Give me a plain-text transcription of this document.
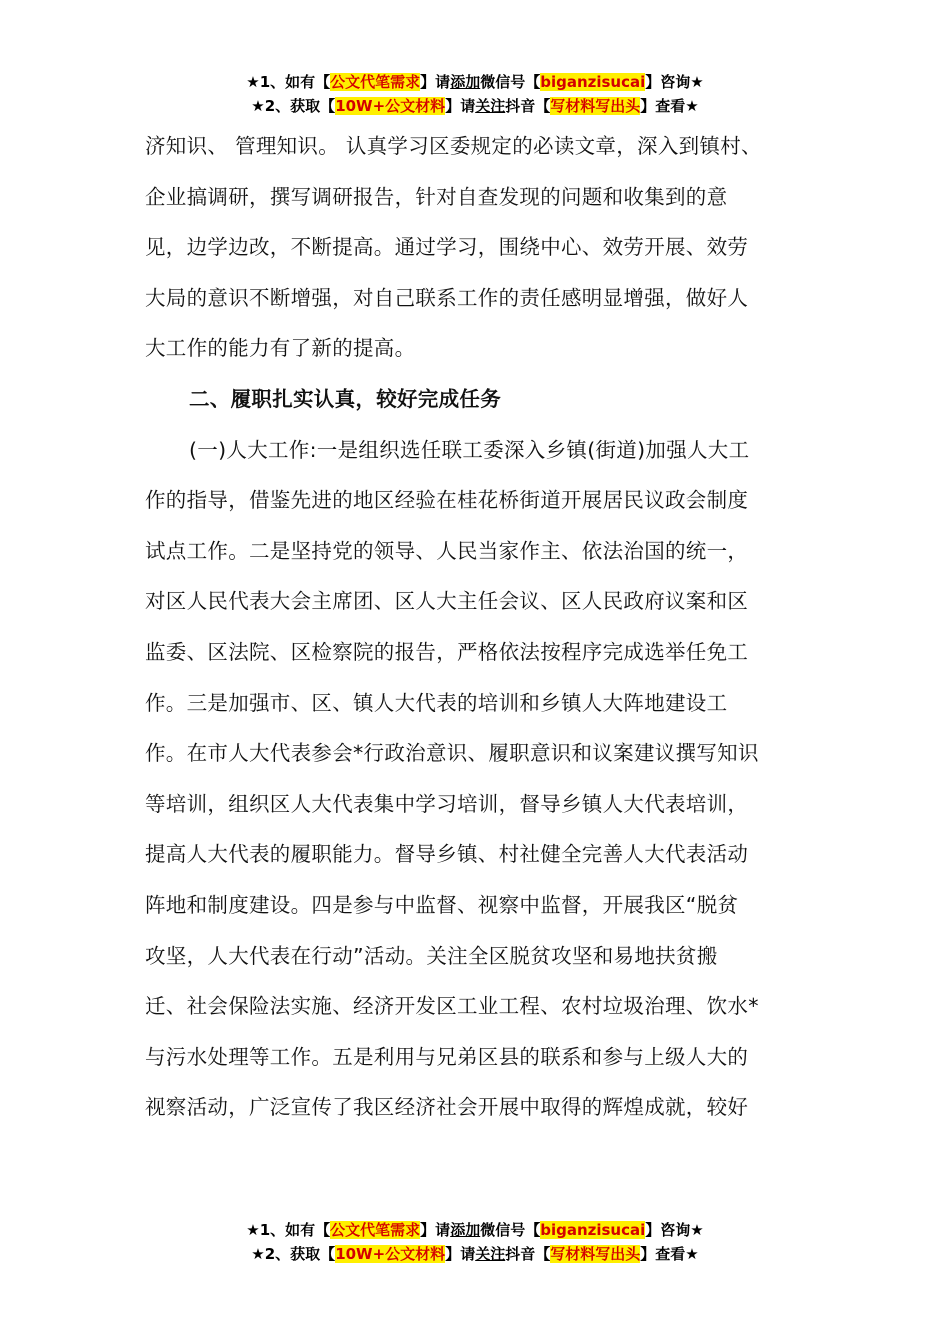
★1、如有【公文代笔需求】请添加微信号【biganzisucai】咨询★
★2、获取【10W+公文材料】请关注抖音【写材料写出头】查看★
济知识、 管理知识。 认真学习区委规定的必读文章，深入到镇村、
企业搞调研，撰写调研报告，针对自查发现的问题和收集到的意
见，边学边改，不断提高。通过学习，围绕中心、效劳开展、效劳
大局的意识不断增强，对自己联系工作的责任感明显增强，做好人
大工作的能力有了新的提高。
二、履职扎实认真，较好完成任务
(一)人大工作:一是组织选任联工委深入乡镇(街道)加强人大工
作的指导，借鉴先进的地区经验在桂花桥街道开展居民议政会制度
试点工作。二是坚持党的领导、人民当家作主、依法治国的统一，
对区人民代表大会主席团、区人大主任会议、区人民政府议案和区
监委、区法院、区检察院的报告，严格依法按程序完成选举任免工
作。三是加强市、区、镇人大代表的培训和乡镇人大阵地建设工
作。在市人大代表参会*行政治意识、履职意识和议案建议撰写知识
等培训，组织区人大代表集中学习培训，督导乡镇人大代表培训，
提高人大代表的履职能力。督导乡镇、村社健全完善人大代表活动
阵地和制度建设。四是参与中监督、视察中监督，开展我区“脱贫
攻坚，人大代表在行动”活动。关注全区脱贫攻坚和易地扶贫搬
迁、社会保险法实施、经济开发区工业工程、农村垃圾治理、饮水*
与污水处理等工作。五是利用与兄弟区县的联系和参与上级人大的
视察活动，广泛宣传了我区经济社会开展中取得的辉煌成就，较好
★1、如有【公文代笔需求】请添加微信号【biganzisucai】咨询★
★2、获取【10W+公文材料】请关注抖音【写材料写出头】查看★
